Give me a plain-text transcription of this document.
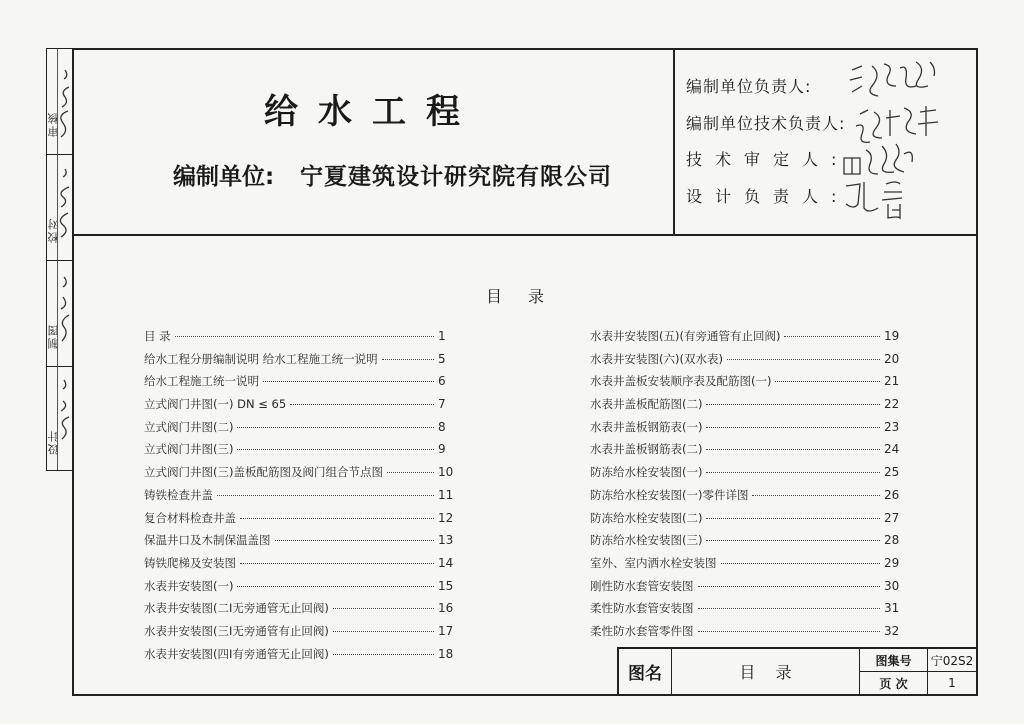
审核
校对
制图
设计
给水工程
编制单位: 宁夏建筑设计研究院有限公司
编制单位负责人:
编制单位技术负责人:
技术审定人:
设计负责人:
目录
目 录	1
给水工程分册编制说明 给水工程施工统一说明	5
给水工程施工统一说明	6
立式阀门井图(一) DN ≤ 65	7
立式阀门井图(二)	8
立式阀门井图(三)	9
立式阀门井图(三)盖板配筋图及阀门组合节点图	10
铸铁检查井盖	11
复合材料检查井盖	12
保温井口及木制保温盖图	13
铸铁爬梯及安装图	14
水表井安装图(一)	15
水表井安装图(二I无旁通管无止回阀)	16
水表井安装图(三I无旁通管有止回阀)	17
水表井安装图(四I有旁通管无止回阀)	18
水表井安装图(五)(有旁通管有止回阀)	19
水表井安装图(六)(双水表)	20
水表井盖板安装顺序表及配筋图(一)	21
水表井盖板配筋图(二)	22
水表井盖板钢筋表(一)	23
水表井盖板钢筋表(二)	24
防冻给水栓安装图(一)	25
防冻给水栓安装图(一)零件详图	26
防冻给水栓安装图(二)	27
防冻给水栓安装图(三)	28
室外、室内洒水栓安装图	29
刚性防水套管安装图	30
柔性防水套管安装图	31
柔性防水套管零件图	32
图名	目    录
图集号	宁02S2
页 次	1
